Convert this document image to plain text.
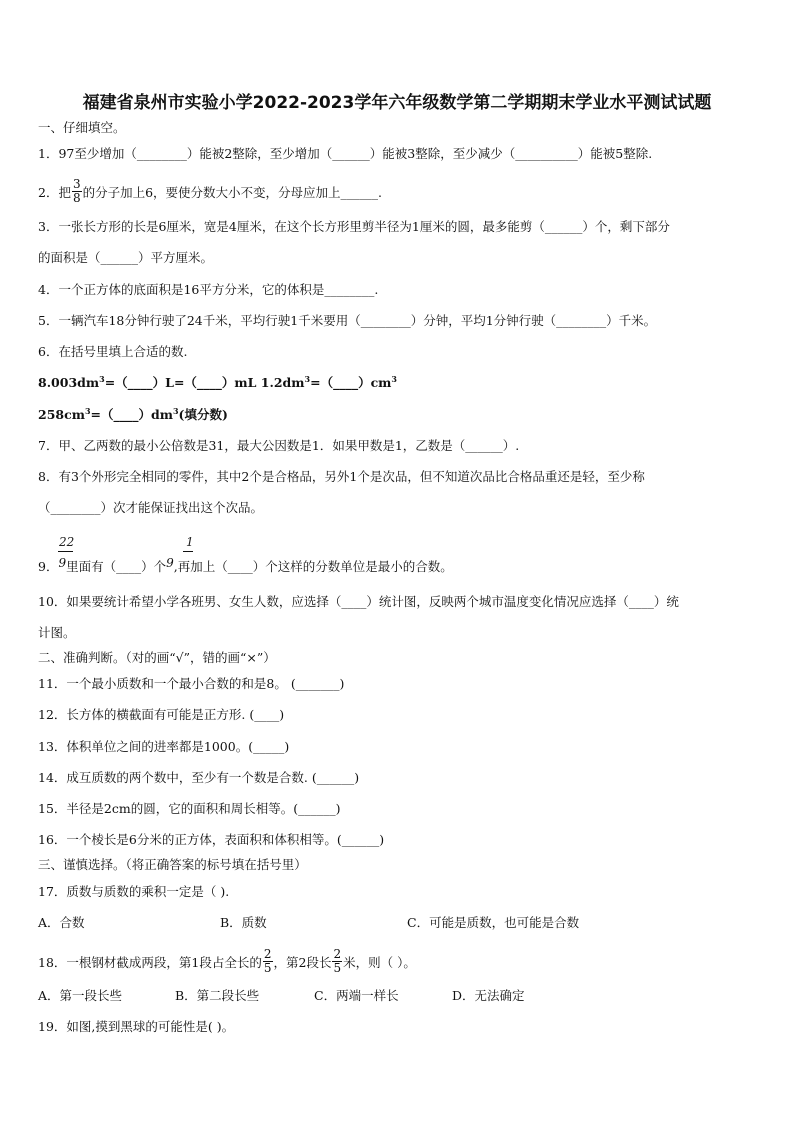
福建省泉州市实验小学2022-2023学年六年级数学第二学期期末学业水平测试试题
一、仔细填空。
1．97至少增加（________）能被2整除，至少增加（______）能被3整除，至少减少（__________）能被5整除.
2．把 $\frac{3}{8}$ 的分子加上6，要使分数大小不变，分母应加上______.
3．一张长方形的长是6厘米，宽是4厘米，在这个长方形里剪半径为1厘米的圆，最多能剪（______）个，剩下部分
的面积是（______）平方厘米。
4．一个正方体的底面积是16平方分米，它的体积是________.
5．一辆汽车18分钟行驶了24千米，平均行驶1千米要用（________）分钟，平均1分钟行驶（________）千米。
6．在括号里填上合适的数.
$8.003dm^3=(\_\_\_\_)L=(\_\_\_\_)mL$ $1.2dm^3=(\_\_\_\_)cm^3$
$258cm^3=(\_\_\_\_)dm^3$(填分数)
7．甲、乙两数的最小公倍数是31，最大公因数是1．如果甲数是1，乙数是（______）.
8．有3个外形完全相同的零件，其中2个是合格品，另外1个是次品，但不知道次品比合格品重还是轻，至少称
（________）次才能保证找出这个次品。
22	1
9．9里面有（____）个9,再加上（____）个这样的分数单位是最小的合数。
10．如果要统计希望小学各班男、女生人数，应选择（____）统计图，反映两个城市温度变化情况应选择（____）统
计图。
二、准确判断。（对的画“√”，错的画“×”）
11．一个最小质数和一个最小合数的和是8。 (_______)
12．长方体的横截面有可能是正方形. (____)
13．体积单位之间的进率都是1000。(_____)
14．成互质数的两个数中，至少有一个数是合数. (______)
15．半径是2cm的圆，它的面积和周长相等。(______)
16．一个棱长是6分米的正方体，表面积和体积相等。(______)
三、谨慎选择。（将正确答案的标号填在括号里）
17．质数与质数的乘积一定是（ ).
A．合数	B．质数	C．可能是质数，也可能是合数
18．一根钢材截成两段，第1段占全长的 $\frac{2}{5}$ ，第2段长 $\frac{2}{5}$ 米，则（ ）。
A．第一段长些	B．第二段长些	C．两端一样长	D．无法确定
19．如图,摸到黑球的可能性是( )。
